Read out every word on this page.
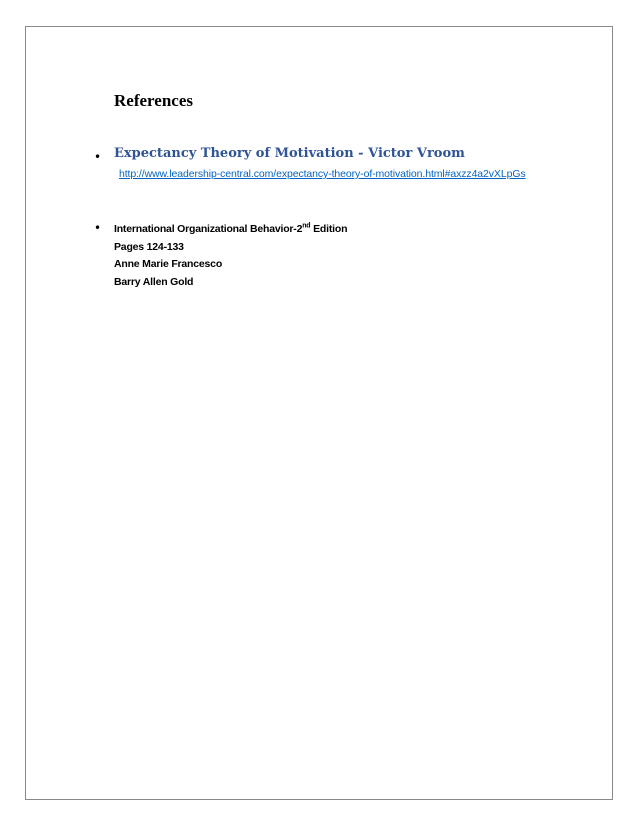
References
• Expectancy Theory of Motivation - Victor Vroom
http://www.leadership-central.com/expectancy-theory-of-motivation.html#axzz4a2vXLpGs
• International Organizational Behavior-2nd Edition
Pages 124-133
Anne Marie Francesco
Barry Allen Gold
